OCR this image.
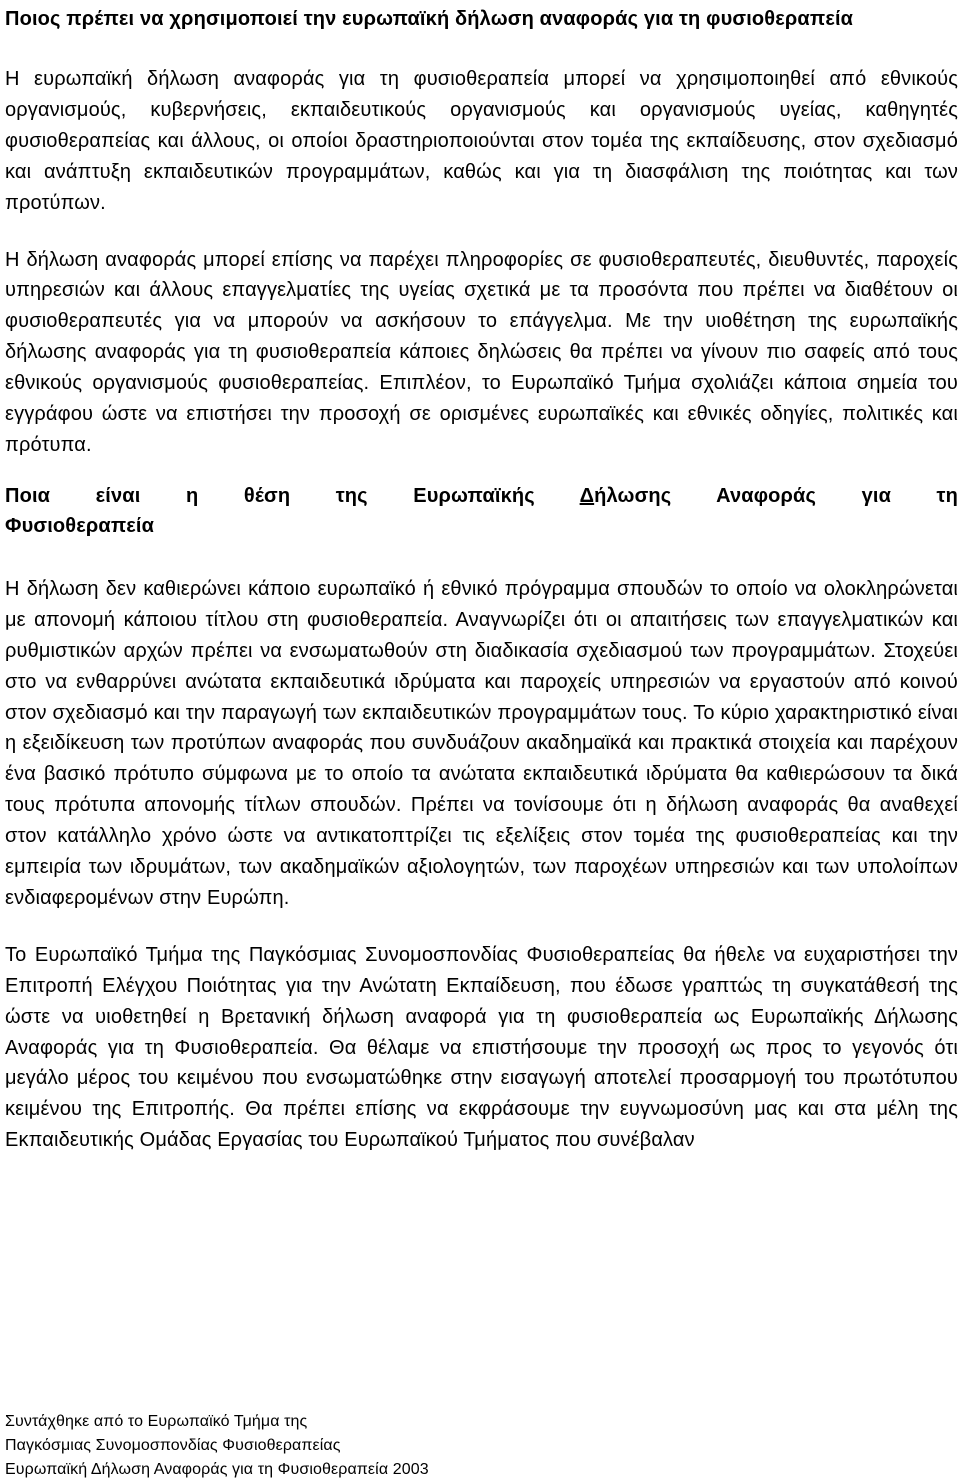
Ποιος πρέπει να χρησιμοποιεί την ευρωπαϊκή δήλωση αναφοράς για τη φυσιοθεραπεία

Η ευρωπαϊκή δήλωση αναφοράς για τη φυσιοθεραπεία μπορεί να χρησιμοποιηθεί από εθνικούς οργανισμούς, κυβερνήσεις, εκπαιδευτικούς οργανισμούς και οργανισμούς υγείας, καθηγητές φυσιοθεραπείας και άλλους, οι οποίοι δραστηριοποιούνται στον τομέα της εκπαίδευσης, στον σχεδιασμό και ανάπτυξη εκπαιδευτικών προγραμμάτων, καθώς και για τη διασφάλιση της ποιότητας και των προτύπων.

Η δήλωση αναφοράς μπορεί επίσης να παρέχει πληροφορίες σε φυσιοθεραπευτές, διευθυντές, παροχείς υπηρεσιών και άλλους επαγγελματίες της υγείας σχετικά με τα προσόντα που πρέπει να διαθέτουν οι φυσιοθεραπευτές για να μπορούν να ασκήσουν το επάγγελμα. Με την υιοθέτηση της ευρωπαϊκής δήλωσης αναφοράς για τη φυσιοθεραπεία κάποιες δηλώσεις θα πρέπει να γίνουν πιο σαφείς από τους εθνικούς οργανισμούς φυσιοθεραπείας. Επιπλέον, το Ευρωπαϊκό Τμήμα σχολιάζει κάποια σημεία του εγγράφου ώστε να επιστήσει την προσοχή σε ορισμένες ευρωπαϊκές και εθνικές οδηγίες, πολιτικές και πρότυπα.

Ποια είναι η θέση της Ευρωπαϊκής Δήλωσης Αναφοράς για τη
Φυσιοθεραπεία

Η δήλωση δεν καθιερώνει κάποιο ευρωπαϊκό ή εθνικό πρόγραμμα σπουδών το οποίο να ολοκληρώνεται με απονομή κάποιου τίτλου στη φυσιοθεραπεία. Αναγνωρίζει ότι οι απαιτήσεις των επαγγελματικών και ρυθμιστικών αρχών πρέπει να ενσωματωθούν στη διαδικασία σχεδιασμού των προγραμμάτων. Στοχεύει στο να ενθαρρύνει ανώτατα εκπαιδευτικά ιδρύματα και παροχείς υπηρεσιών να εργαστούν από κοινού στον σχεδιασμό και την παραγωγή των εκπαιδευτικών προγραμμάτων τους. Το κύριο χαρακτηριστικό είναι η εξειδίκευση των προτύπων αναφοράς που συνδυάζουν ακαδημαϊκά και πρακτικά στοιχεία και παρέχουν ένα βασικό πρότυπο σύμφωνα με το οποίο τα ανώτατα εκπαιδευτικά ιδρύματα θα καθιερώσουν τα δικά τους πρότυπα απονομής τίτλων σπουδών. Πρέπει να τονίσουμε ότι η δήλωση αναφοράς θα αναθεχεί στον κατάλληλο χρόνο ώστε να αντικατοπτρίζει τις εξελίξεις στον τομέα της φυσιοθεραπείας και την εμπειρία των ιδρυμάτων, των ακαδημαϊκών αξιολογητών, των παροχέων υπηρεσιών και των υπολοίπων ενδιαφερομένων στην Ευρώπη.

Το Ευρωπαϊκό Τμήμα της Παγκόσμιας Συνομοσπονδίας Φυσιοθεραπείας θα ήθελε να ευχαριστήσει την Επιτροπή Ελέγχου Ποιότητας για την Ανώτατη Εκπαίδευση, που έδωσε γραπτώς τη συγκατάθεσή της ώστε να υιοθετηθεί η Βρετανική δήλωση αναφορά για τη φυσιοθεραπεία ως Ευρωπαϊκής Δήλωσης Αναφοράς για τη Φυσιοθεραπεία. Θα θέλαμε να επιστήσουμε την προσοχή ως προς το γεγονός ότι μεγάλο μέρος του κειμένου που ενσωματώθηκε στην εισαγωγή αποτελεί προσαρμογή του πρωτότυπου κειμένου της Επιτροπής. Θα πρέπει επίσης να εκφράσουμε την ευγνωμοσύνη μας και στα μέλη της Εκπαιδευτικής Ομάδας Εργασίας του Ευρωπαϊκού Τμήματος που συνέβαλαν

Συντάχθηκε από το Ευρωπαϊκό Τμήμα της
Παγκόσμιας Συνομοσπονδίας Φυσιοθεραπείας
Ευρωπαϊκή Δήλωση Αναφοράς για τη Φυσιοθεραπεία 2003
